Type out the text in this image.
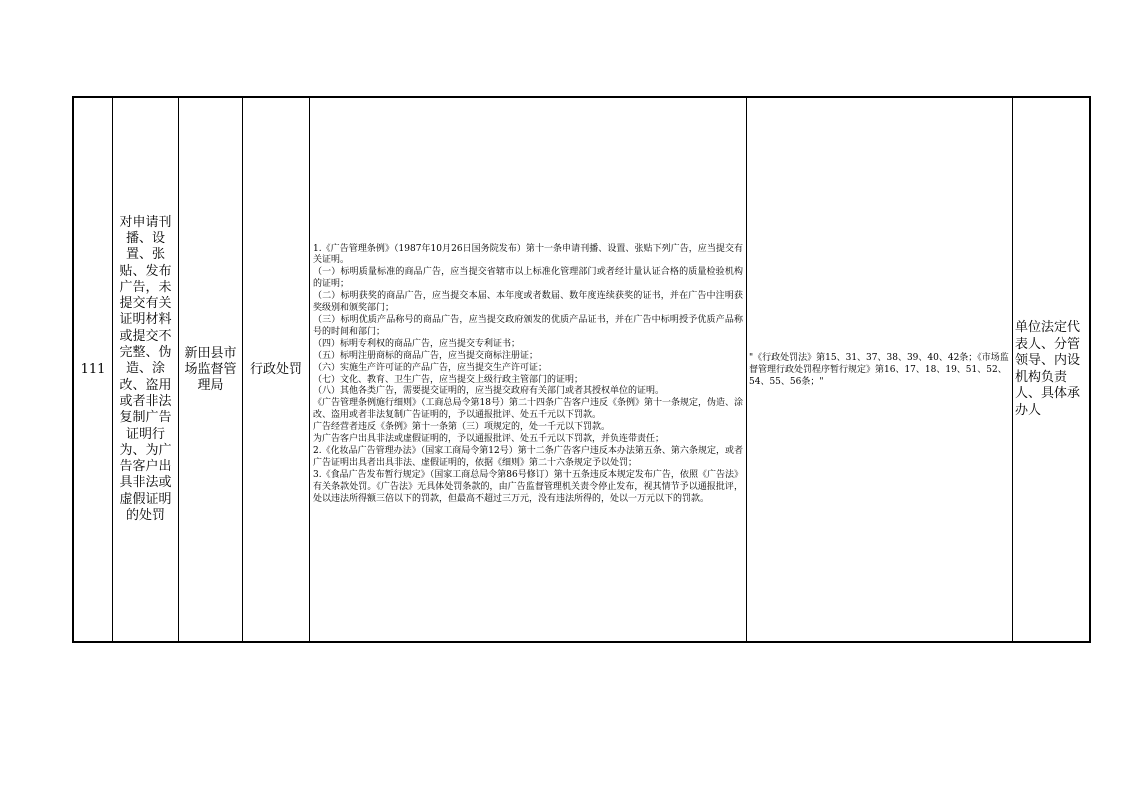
111	对申请刊播、设置、张贴、发布广告，未提交有关证明材料或提交不完整、伪造、涂改、盗用或者非法复制广告证明行为、为广告客户出具非法或虚假证明的处罚	新田县市场监督管理局	行政处罚	
1.《广告管理条例》（1987年10月26日国务院发布）第十一条申请刊播、设置、张贴下列广告，应当提交有关证明。
（一）标明质量标准的商品广告，应当提交省辖市以上标准化管理部门或者经计量认证合格的质量检验机构的证明；
（二）标明获奖的商品广告，应当提交本届、本年度或者数届、数年度连续获奖的证书，并在广告中注明获奖级别和颁奖部门；
（三）标明优质产品称号的商品广告，应当提交政府颁发的优质产品证书，并在广告中标明授予优质产品称号的时间和部门；
（四）标明专利权的商品广告，应当提交专利证书；
（五）标明注册商标的商品广告，应当提交商标注册证；
（六）实施生产许可证的产品广告，应当提交生产许可证；
（七）文化、教育、卫生广告，应当提交上级行政主管部门的证明；
（八）其他各类广告，需要提交证明的，应当提交政府有关部门或者其授权单位的证明。
《广告管理条例施行细则》（工商总局令第18号）第二十四条广告客户违反《条例》第十一条规定，伪造、涂改、盗用或者非法复制广告证明的，予以通报批评、处五千元以下罚款。
广告经营者违反《条例》第十一条第（三）项规定的，处一千元以下罚款。
为广告客户出具非法或虚假证明的，予以通报批评、处五千元以下罚款，并负连带责任；
2.《化妆品广告管理办法》（国家工商局令第12号）第十二条广告客户违反本办法第五条、第六条规定，或者广告证明出具者出具非法、虚假证明的，依据《细则》第二十六条规定予以处罚；
3.《食品广告发布暂行规定》（国家工商总局令第86号修订）第十五条违反本规定发布广告，依照《广告法》有关条款处罚。《广告法》无具体处罚条款的，由广告监督管理机关责令停止发布，视其情节予以通报批评，处以违法所得额三倍以下的罚款，但最高不超过三万元，没有违法所得的，处以一万元以下的罚款。
	"《行政处罚法》第15、31、37、38、39、40、42条；《市场监督管理行政处罚程序暂行规定》第16、17、18、19、51、52、54、55、56条；"	单位法定代表人、分管领导、内设机构负责人、具体承办人
